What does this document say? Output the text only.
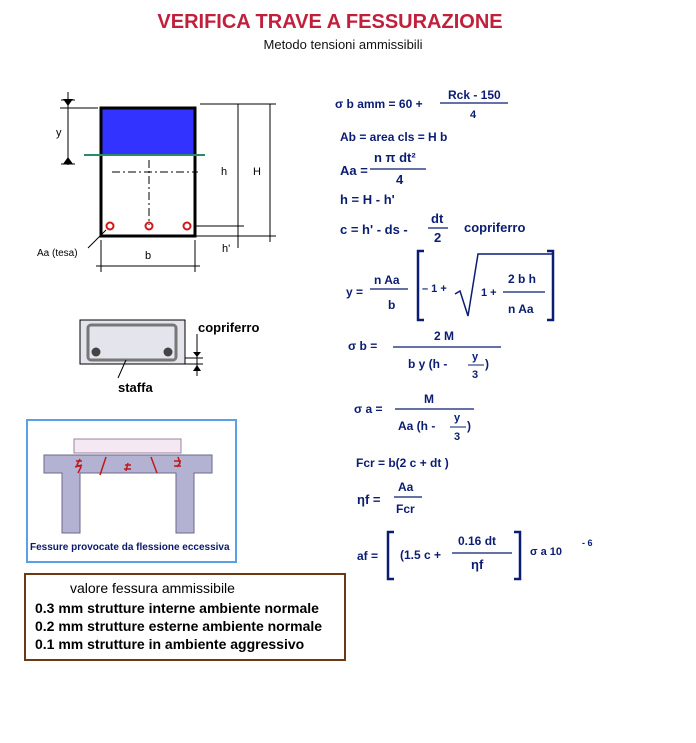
VERIFICA TRAVE A FESSURAZIONE
Metodo tensioni ammissibili
y
h H
h'
b
Aa (tesa)
copriferro
staffa
Fessure provocate da flessione eccessiva
σ b amm = 60 +
Rck - 150
4
Ab = area cls = H b
Aa =
n π dt²
4
h = H - h'
c = h' - ds -
dt
2
copriferro
y =
n Aa
b
– 1 +	1 +
2 b h
n Aa
σ b =
2 M
b y (h - y
3
)
σ a =
M
Aa (h -
y
3
)
Fcr = b(2 c + dt )
ηf =
Aa
Fcr
af = (1.5 c +
0.16 dt
ηf
σ a 10
- 6
valore fessura ammissibile
0.3 mm strutture interne ambiente normale
0.2 mm strutture esterne ambiente normale
0.1 mm strutture in ambiente aggressivo
